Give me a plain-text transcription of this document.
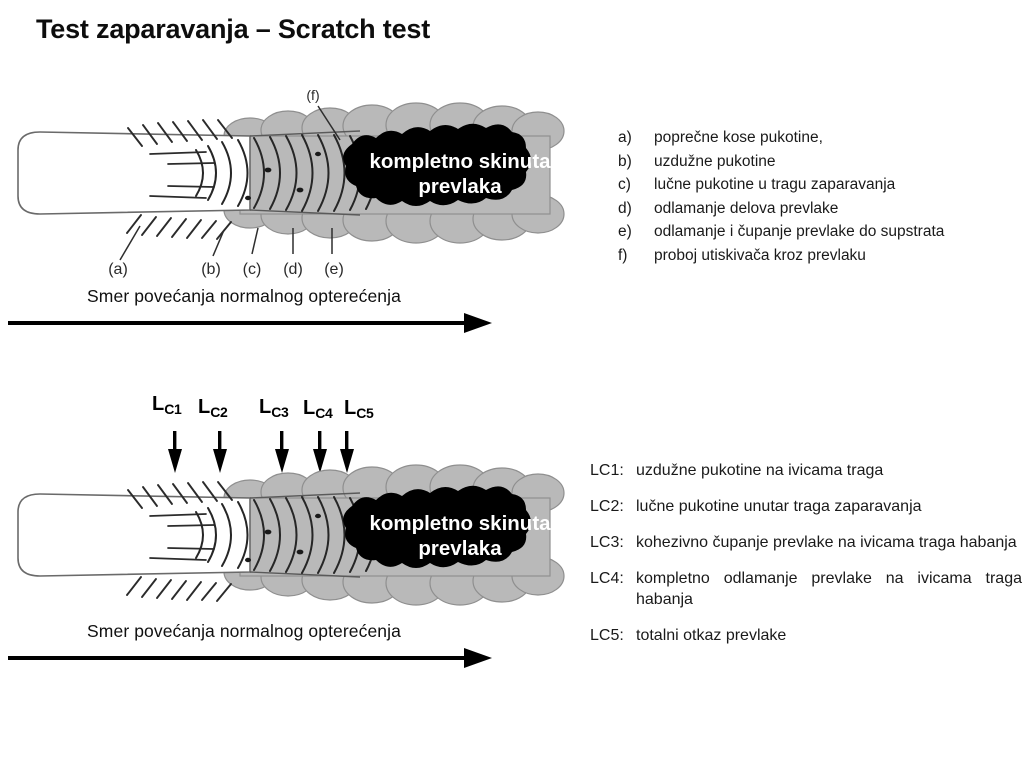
Test zaparavanja – Scratch test
kompletno skinuta
prevlaka
(f)
(a)	(b) (c) (d) (e)
Smer povećanja normalnog opterećenja
$L_{C1}$ $L_{C2}$ $L_{C3}$ $L_{C4}$ $L_{C5}$
kompletno skinuta
prevlaka
Smer povećanja normalnog opterećenja
a)	poprečne kose pukotine,
b)	uzdužne pukotine
c)	lučne pukotine u tragu zaparavanja
d)	odlamanje delova prevlake
e)	odlamanje i čupanje prevlake do supstrata
f)	proboj utiskivača kroz prevlaku
LC1: uzdužne pukotine na ivicama traga
LC2: lučne pukotine unutar traga zaparavanja
LC3: kohezivno čupanje prevlake na ivicama traga habanja
LC4: kompletno odlamanje prevlake na ivicama traga habanja
LC5: totalni otkaz prevlake
